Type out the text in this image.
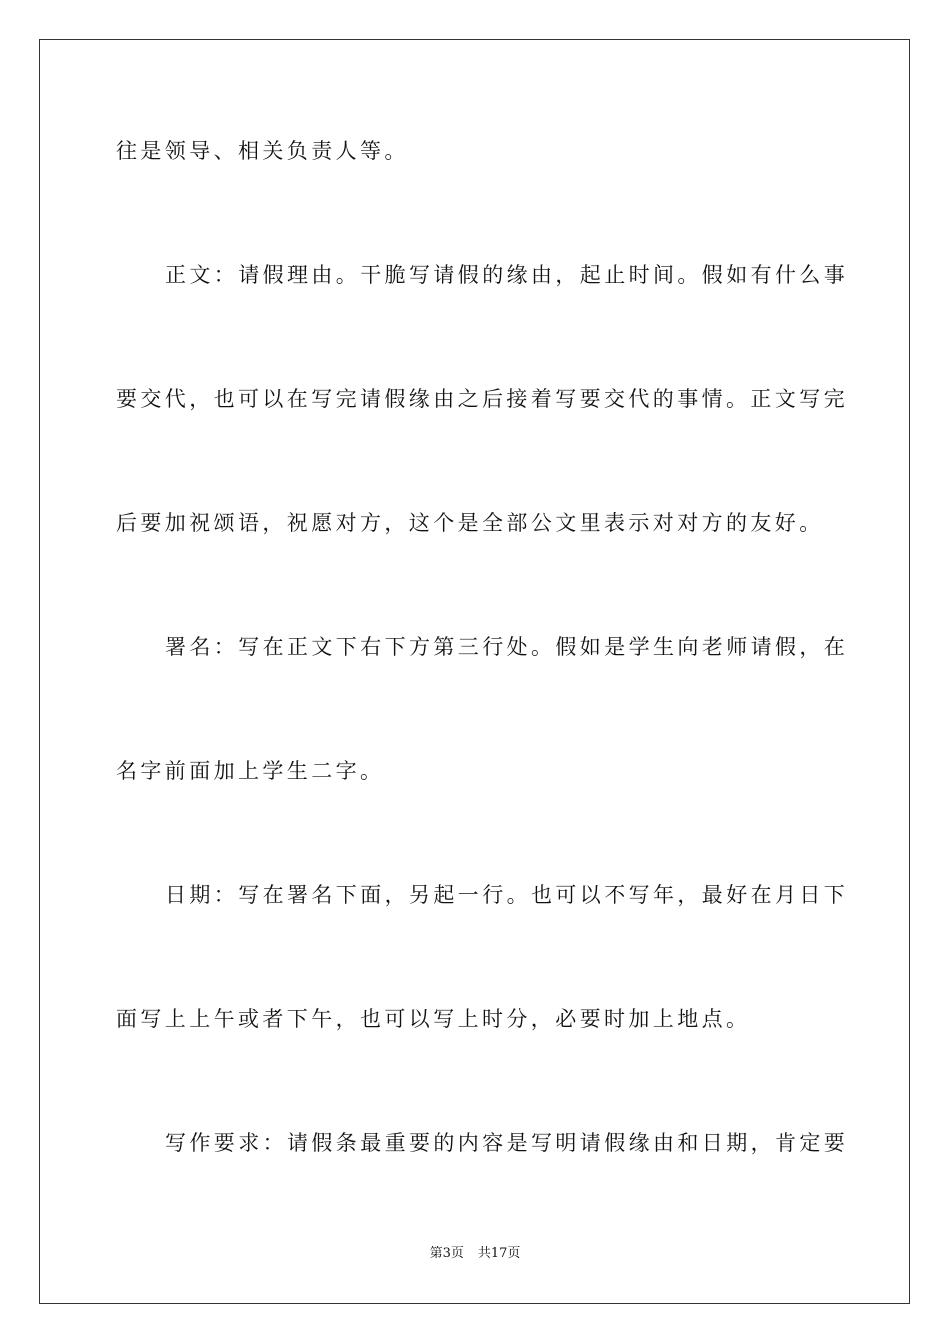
往是领导、相关负责人等。
正文：请假理由。干脆写请假的缘由，起止时间。假如有什么事
要交代，也可以在写完请假缘由之后接着写要交代的事情。正文写完
后要加祝颂语，祝愿对方，这个是全部公文里表示对对方的友好。
署名：写在正文下右下方第三行处。假如是学生向老师请假，在
名字前面加上学生二字。
日期：写在署名下面，另起一行。也可以不写年，最好在月日下
面写上上午或者下午，也可以写上时分，必要时加上地点。
写作要求：请假条最重要的内容是写明请假缘由和日期，肯定要
第3页 共17页
